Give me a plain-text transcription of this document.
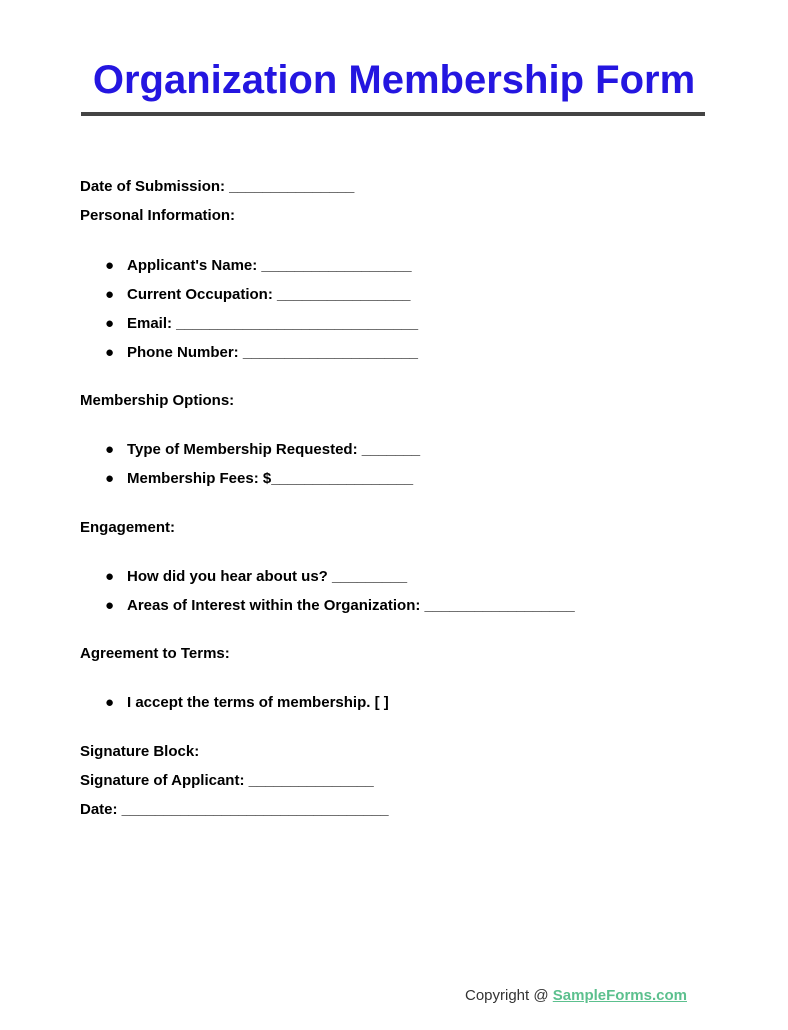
Organization Membership Form
Date of Submission: _______________
Personal Information:
● Applicant's Name: __________________
● Current Occupation: ________________
● Email: _____________________________
● Phone Number: _____________________
Membership Options:
● Type of Membership Requested: _______
● Membership Fees: $_________________
Engagement:
● How did you hear about us? _________
● Areas of Interest within the Organization: __________________
Agreement to Terms:
● I accept the terms of membership. [ ]
Signature Block:
Signature of Applicant: _______________
Date: ________________________________
Copyright @ SampleForms.com
